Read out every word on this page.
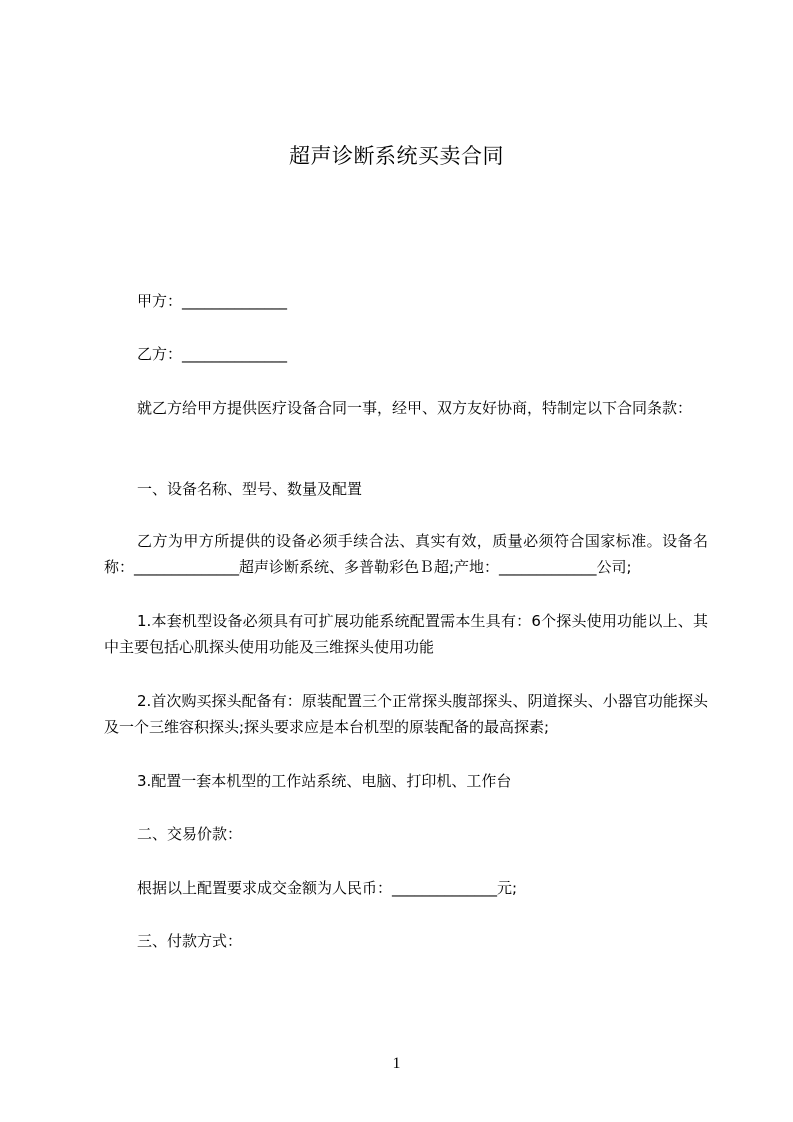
超声诊断系统买卖合同
甲方：______________
乙方：______________
就乙方给甲方提供医疗设备合同一事，经甲、双方友好协商，特制定以下合同条款：
一、设备名称、型号、数量及配置
乙方为甲方所提供的设备必须手续合法、真实有效，质量必须符合国家标准。设备名称：______________超声诊断系统、多普勒彩色Ｂ超;产地：_____________公司;
1.本套机型设备必须具有可扩展功能系统配置需本生具有：6个探头使用功能以上、其中主要包括心肌探头使用功能及三维探头使用功能
2.首次购买探头配备有：原装配置三个正常探头腹部探头、阴道探头、小器官功能探头及一个三维容积探头;探头要求应是本台机型的原装配备的最高探素;
3.配置一套本机型的工作站系统、电脑、打印机、工作台
二、交易价款：
根据以上配置要求成交金额为人民币：______________元;
三、付款方式：
1
